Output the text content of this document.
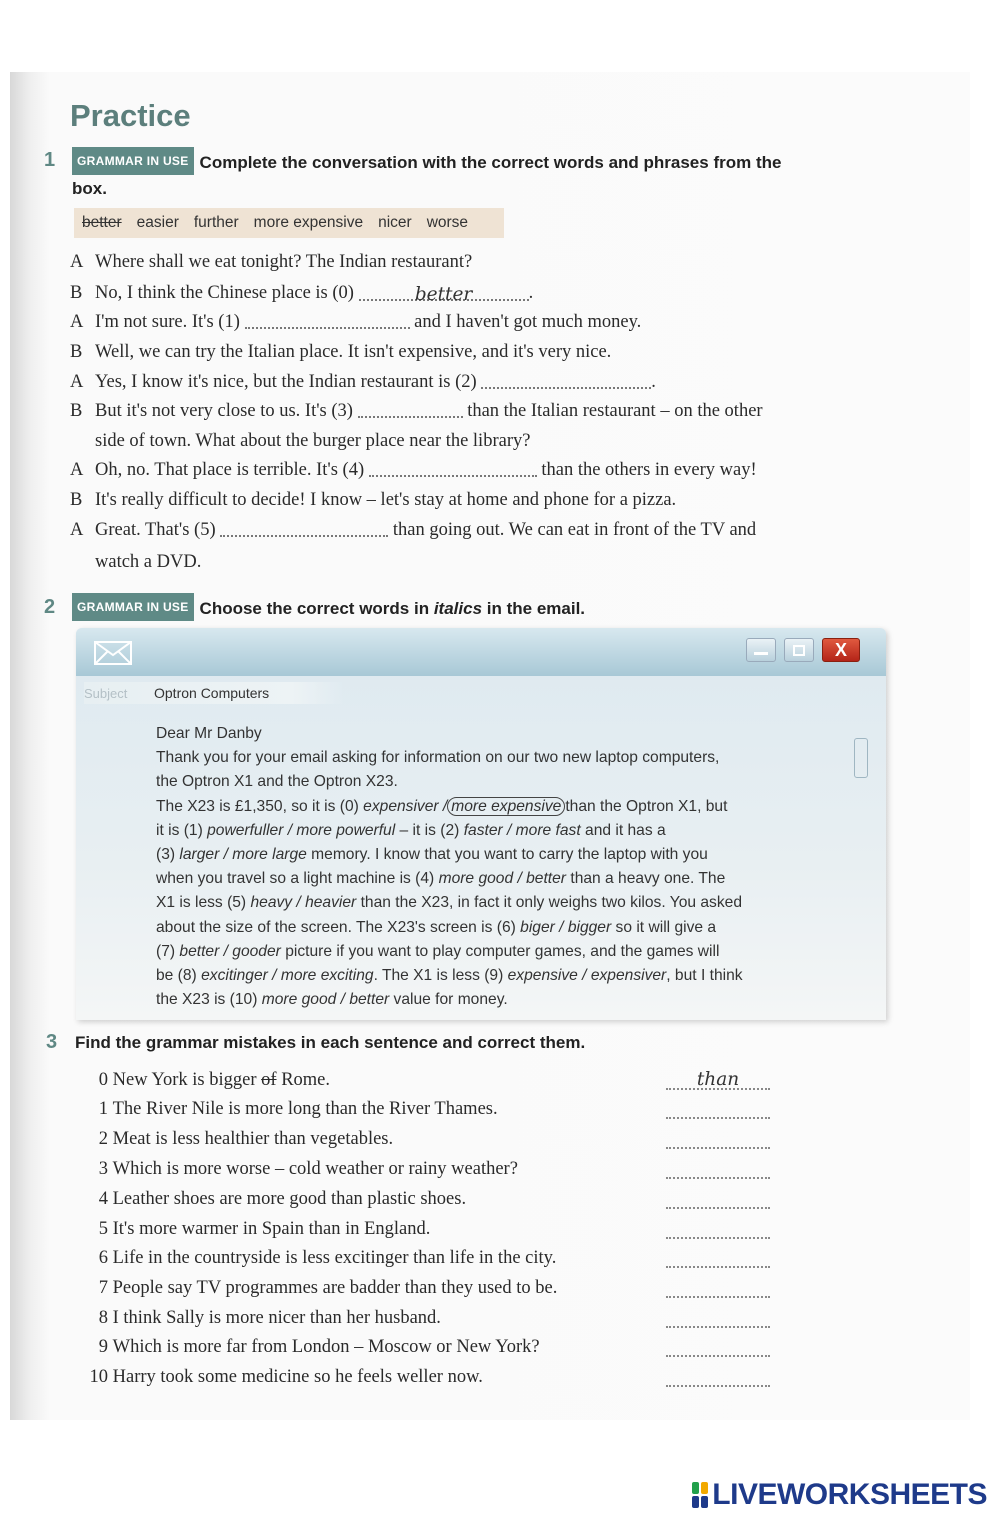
Practice
1	GRAMMAR IN USE Complete the conversation with the correct words and phrases from the
box.
better easier further more expensive nicer worse
A Where shall we eat tonight? The Indian restaurant?
B No, I think the Chinese place is (0)	better	.
A I'm not sure. It's (1)	and I haven't got much money.
B Well, we can try the Italian place. It isn't expensive, and it's very nice.
A Yes, I know it's nice, but the Indian restaurant is (2)	.
B But it's not very close to us. It's (3)	than the Italian restaurant – on the other
side of town. What about the burger place near the library?
A Oh, no. That place is terrible. It's (4)	than the others in every way!
B It's really difficult to decide! I know – let's stay at home and phone for a pizza.
A Great. That's (5)	than going out. We can eat in front of the TV and
watch a DVD.
2	GRAMMAR IN USE Choose the correct words in italics in the email.
X
Subject	Optron Computers
Dear Mr Danby
Thank you for your email asking for information on our two new laptop computers,
the Optron X1 and the Optron X23.
The X23 is £1,350, so it is (0) expensiver / more expensive than the Optron X1, but
it is (1) powerfuller / more powerful – it is (2) faster / more fast and it has a
(3) larger / more large memory. I know that you want to carry the laptop with you
when you travel so a light machine is (4) more good / better than a heavy one. The
X1 is less (5) heavy / heavier than the X23, in fact it only weighs two kilos. You asked
about the size of the screen. The X23's screen is (6) biger / bigger so it will give a
(7) better / gooder picture if you want to play computer games, and the games will
be (8) excitinger / more exciting. The X1 is less (9) expensive / expensiver, but I think
the X23 is (10) more good / better value for money.
3 Find the grammar mistakes in each sentence and correct them.
0 New York is bigger of Rome.	than
1 The River Nile is more long than the River Thames.
2 Meat is less healthier than vegetables.
3 Which is more worse – cold weather or rainy weather?
4 Leather shoes are more good than plastic shoes.
5 It's more warmer in Spain than in England.
6 Life in the countryside is less excitinger than life in the city.
7 People say TV programmes are badder than they used to be.
8 I think Sally is more nicer than her husband.
9 Which is more far from London – Moscow or New York?
10 Harry took some medicine so he feels weller now.
LIVEWORKSHEETS
